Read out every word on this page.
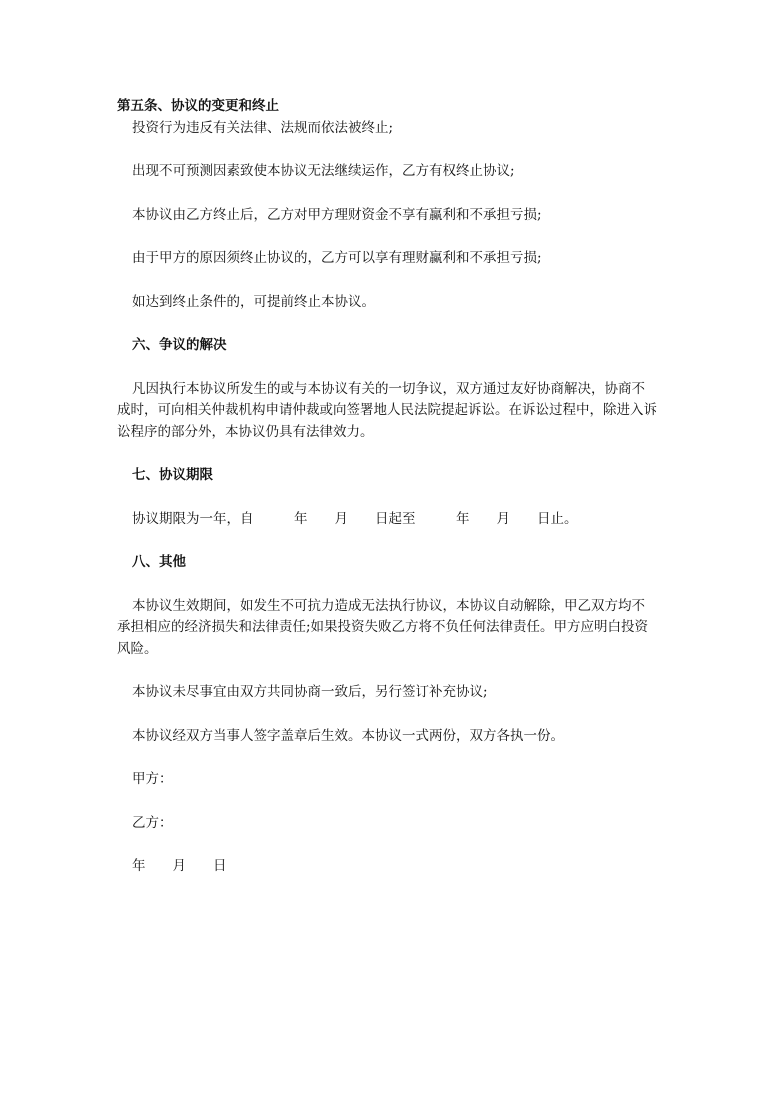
第五条、协议的变更和终止

投资行为违反有关法律、法规而依法被终止;

出现不可预测因素致使本协议无法继续运作，乙方有权终止协议;

本协议由乙方终止后，乙方对甲方理财资金不享有赢利和不承担亏损;

由于甲方的原因须终止协议的，乙方可以享有理财赢利和不承担亏损;

如达到终止条件的，可提前终止本协议。

六、争议的解决

凡因执行本协议所发生的或与本协议有关的一切争议，双方通过友好协商解决，协商不成时，可向相关仲裁机构申请仲裁或向签署地人民法院提起诉讼。在诉讼过程中，除进入诉讼程序的部分外，本协议仍具有法律效力。

七、协议期限

协议期限为一年，自　　　年　　月　　日起至　　　年　　月　　日止。

八、其他

本协议生效期间，如发生不可抗力造成无法执行协议，本协议自动解除，甲乙双方均不承担相应的经济损失和法律责任;如果投资失败乙方将不负任何法律责任。甲方应明白投资风险。

本协议未尽事宜由双方共同协商一致后，另行签订补充协议;

本协议经双方当事人签字盖章后生效。本协议一式两份，双方各执一份。

甲方：

乙方：

年　　月　　日
